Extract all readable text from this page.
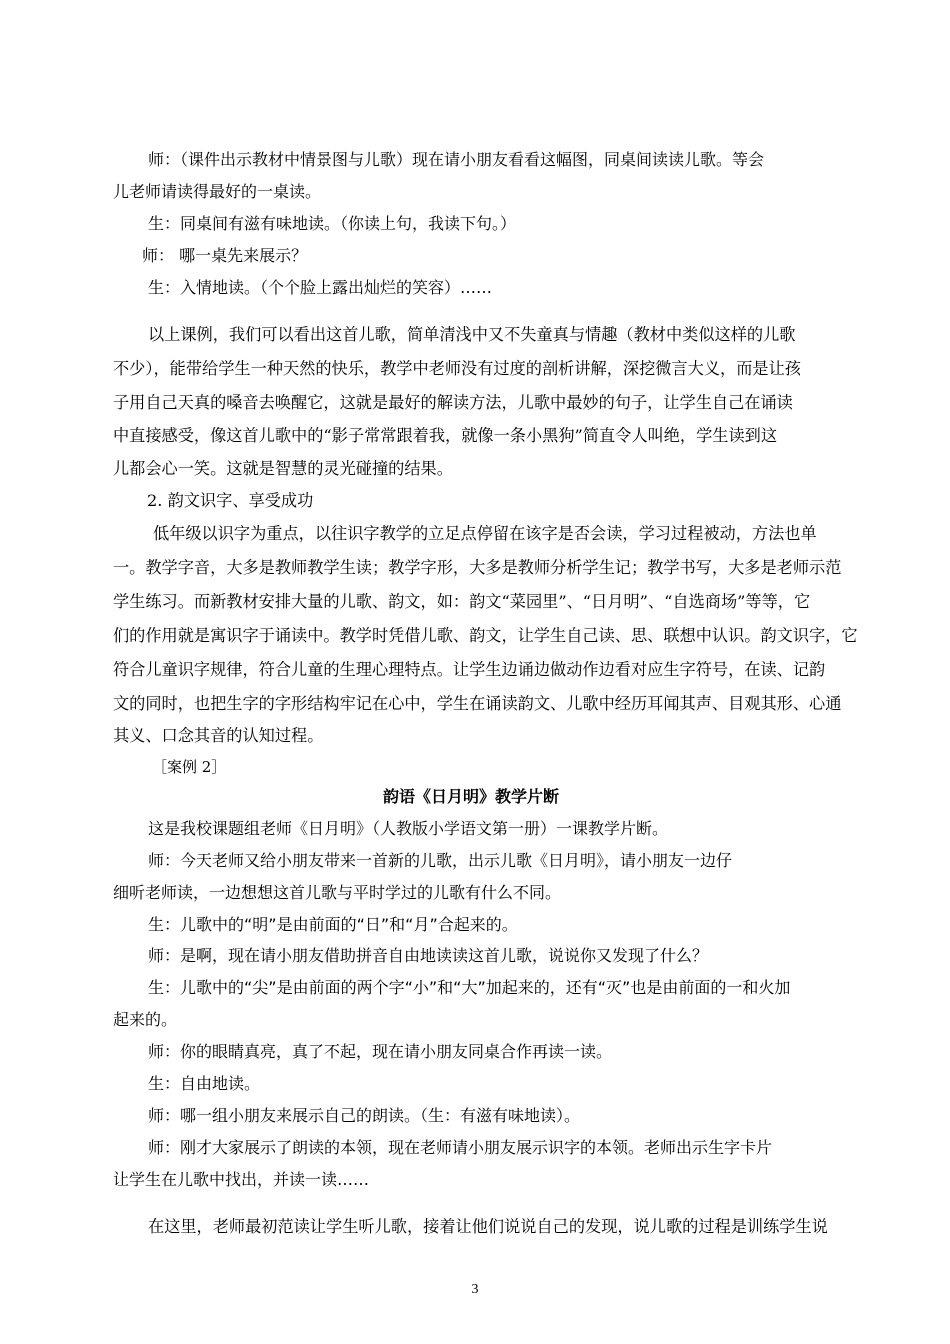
师：（课件出示教材中情景图与儿歌）现在请小朋友看看这幅图，同桌间读读儿歌。等会
儿老师请读得最好的一桌读。
生：同桌间有滋有味地读。（你读上句，我读下句。）
师： 哪一桌先来展示？
生：入情地读。（个个脸上露出灿烂的笑容）……
以上课例，我们可以看出这首儿歌，简单清浅中又不失童真与情趣（教材中类似这样的儿歌
不少），能带给学生一种天然的快乐，教学中老师没有过度的剖析讲解，深挖微言大义，而是让孩
子用自己天真的嗓音去唤醒它，这就是最好的解读方法，儿歌中最妙的句子，让学生自己在诵读
中直接感受，像这首儿歌中的“影子常常跟着我，就像一条小黑狗”简直令人叫绝，学生读到这
儿都会心一笑。这就是智慧的灵光碰撞的结果。
2. 韵文识字、享受成功
低年级以识字为重点，以往识字教学的立足点停留在该字是否会读，学习过程被动，方法也单
一。教学字音，大多是教师教学生读；教学字形，大多是教师分析学生记；教学书写，大多是老师示范
学生练习。而新教材安排大量的儿歌、韵文，如：韵文“菜园里”、“日月明”、“自选商场”等等，它
们的作用就是寓识字于诵读中。教学时凭借儿歌、韵文，让学生自己读、思、联想中认识。韵文识字，它
符合儿童识字规律，符合儿童的生理心理特点。让学生边诵边做动作边看对应生字符号，在读、记韵
文的同时，也把生字的字形结构牢记在心中，学生在诵读韵文、儿歌中经历耳闻其声、目观其形、心通
其义、口念其音的认知过程。
［案例 2］
韵语《日月明》教学片断
这是我校课题组老师《日月明》（人教版小学语文第一册）一课教学片断。
师：今天老师又给小朋友带来一首新的儿歌，出示儿歌《日月明》，请小朋友一边仔
细听老师读，一边想想这首儿歌与平时学过的儿歌有什么不同。
生：儿歌中的“明”是由前面的“日”和“月”合起来的。
师：是啊，现在请小朋友借助拼音自由地读读这首儿歌，说说你又发现了什么？
生：儿歌中的“尖”是由前面的两个字“小”和“大”加起来的，还有“灭”也是由前面的一和火加
起来的。
师：你的眼睛真亮，真了不起，现在请小朋友同桌合作再读一读。
生：自由地读。
师：哪一组小朋友来展示自己的朗读。（生：有滋有味地读）。
师：刚才大家展示了朗读的本领，现在老师请小朋友展示识字的本领。老师出示生字卡片
让学生在儿歌中找出，并读一读……
在这里，老师最初范读让学生听儿歌，接着让他们说说自己的发现，说儿歌的过程是训练学生说
3
